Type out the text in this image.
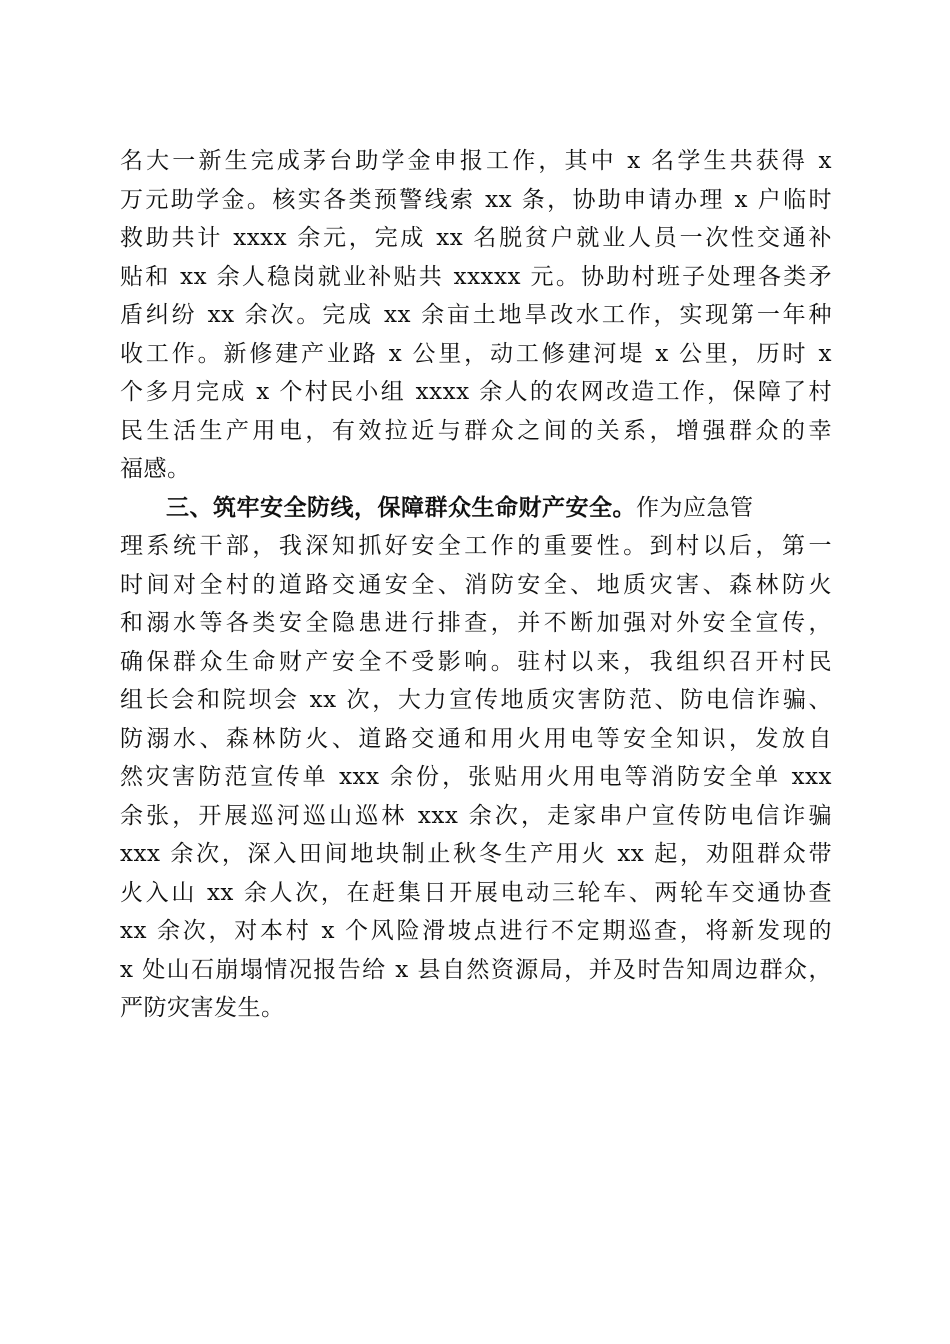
名大一新生完成茅台助学金申报工作，其中 x 名学生共获得 x
万元助学金。核实各类预警线索 xx 条，协助申请办理 x 户临时
救助共计 xxxx 余元，完成 xx 名脱贫户就业人员一次性交通补
贴和 xx 余人稳岗就业补贴共 xxxxx 元。协助村班子处理各类矛
盾纠纷 xx 余次。完成 xx 余亩土地旱改水工作，实现第一年种
收工作。新修建产业路 x 公里，动工修建河堤 x 公里，历时 x
个多月完成 x 个村民小组 xxxx 余人的农网改造工作，保障了村
民生活生产用电，有效拉近与群众之间的关系，增强群众的幸
福感。
三、筑牢安全防线，保障群众生命财产安全。作为应急管
理系统干部，我深知抓好安全工作的重要性。到村以后，第一
时间对全村的道路交通安全、消防安全、地质灾害、森林防火
和溺水等各类安全隐患进行排查，并不断加强对外安全宣传，
确保群众生命财产安全不受影响。驻村以来，我组织召开村民
组长会和院坝会 xx 次，大力宣传地质灾害防范、防电信诈骗、
防溺水、森林防火、道路交通和用火用电等安全知识，发放自
然灾害防范宣传单 xxx 余份，张贴用火用电等消防安全单 xxx
余张，开展巡河巡山巡林 xxx 余次，走家串户宣传防电信诈骗
xxx 余次，深入田间地块制止秋冬生产用火 xx 起，劝阻群众带
火入山 xx 余人次，在赶集日开展电动三轮车、两轮车交通协查
xx 余次，对本村 x 个风险滑坡点进行不定期巡查，将新发现的
x 处山石崩塌情况报告给 x 县自然资源局，并及时告知周边群众，
严防灾害发生。
